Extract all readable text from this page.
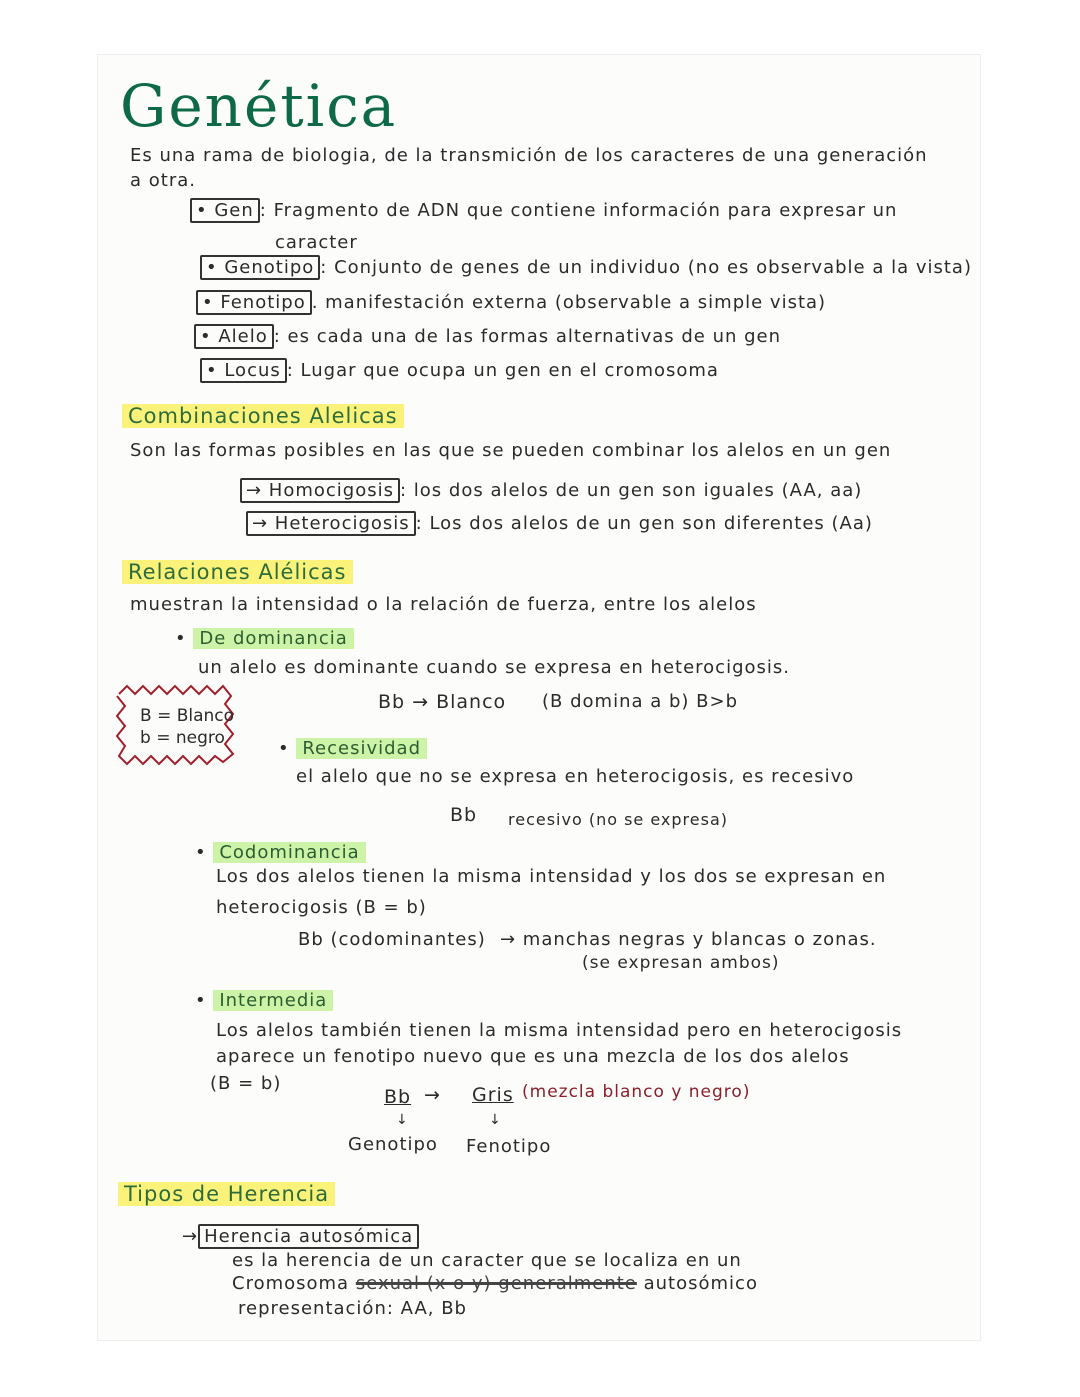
Genética
Es una rama de biologia, de la transmición de los caracteres de una generación
a otra.
• Gen : Fragmento de ADN que contiene información para expresar un
caracter
• Genotipo : Conjunto de genes de un individuo (no es observable a la vista)
• Fenotipo . manifestación externa (observable a simple vista)
• Alelo : es cada una de las formas alternativas de un gen
• Locus : Lugar que ocupa un gen en el cromosoma
Combinaciones Alelicas
Son las formas posibles en las que se pueden combinar los alelos en un gen
→ Homocigosis : los dos alelos de un gen son iguales (AA, aa)
→ Heterocigosis : Los dos alelos de un gen son diferentes (Aa)
Relaciones Alélicas
muestran la intensidad o la relación de fuerza, entre los alelos
• De dominancia
un alelo es dominante cuando se expresa en heterocigosis.
Bb → Blanco (B domina a b) B>b
B = Blanco
b = negro	• Recesividad
el alelo que no se expresa en heterocigosis, es recesivo
Bb recesivo (no se expresa)
• Codominancia
Los dos alelos tienen la misma intensidad y los dos se expresan en
heterocigosis (B = b)
Bb (codominantes) → manchas negras y blancas o zonas.
(se expresan ambos)
• Intermedia
Los alelos también tienen la misma intensidad pero en heterocigosis
aparece un fenotipo nuevo que es una mezcla de los dos alelos
(B = b)
Bb → Gris (mezcla blanco y negro)
↓	↓
Genotipo Fenotipo
Tipos de Herencia
→ Herencia autosómica
es la herencia de un caracter que se localiza en un
Cromosoma sexual (x o y) generalmente autosómico
representación: AA, Bb
